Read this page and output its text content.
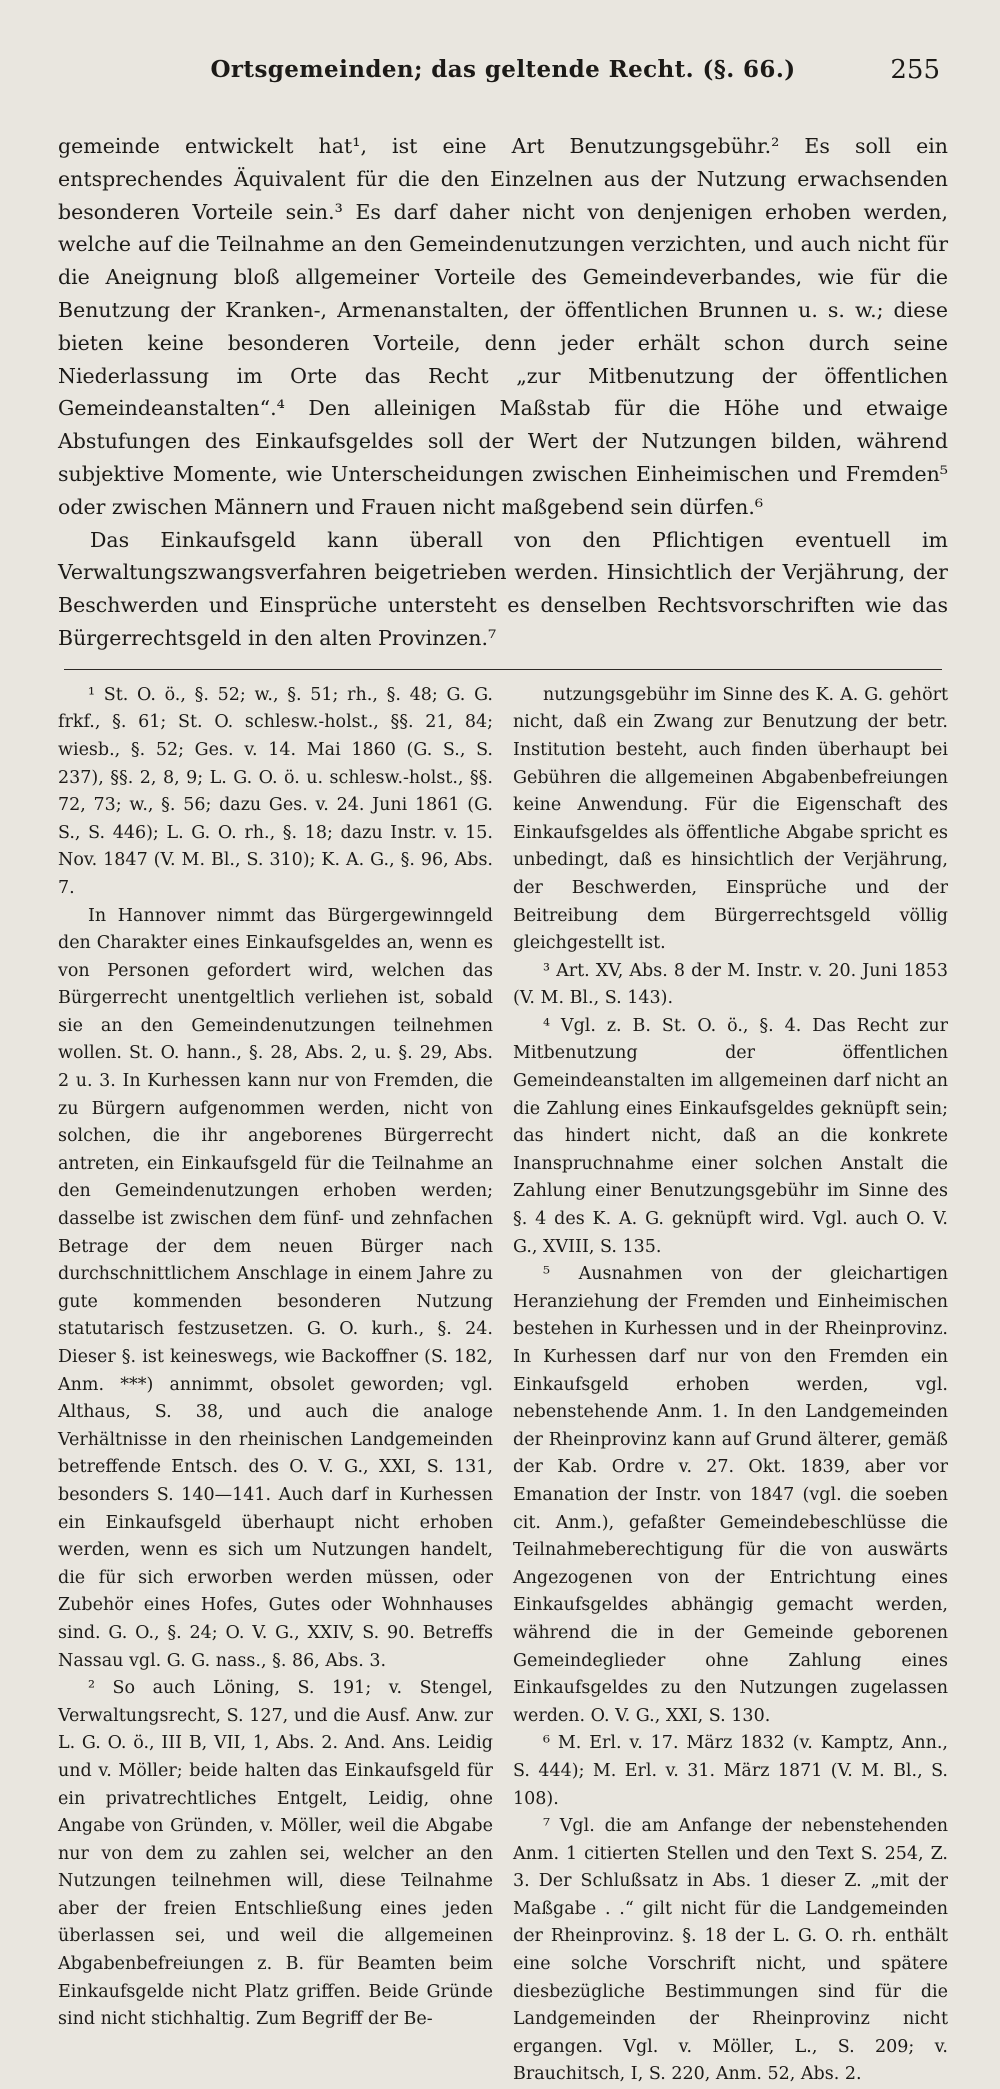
Ortsgemeinden; das geltende Recht. (§. 66.)	255

gemeinde entwickelt hat¹, ist eine Art Benutzungsgebühr.² Es soll ein entsprechendes Äquivalent für die den Einzelnen aus der Nutzung erwachsenden besonderen Vorteile sein.³ Es darf daher nicht von denjenigen erhoben werden, welche auf die Teilnahme an den Gemeindenutzungen verzichten, und auch nicht für die Aneignung bloß allgemeiner Vorteile des Gemeindeverbandes, wie für die Benutzung der Kranken-, Armenanstalten, der öffentlichen Brunnen u. s. w.; diese bieten keine besonderen Vorteile, denn jeder erhält schon durch seine Niederlassung im Orte das Recht „zur Mitbenutzung der öffentlichen Gemeindeanstalten“.⁴ Den alleinigen Maßstab für die Höhe und etwaige Abstufungen des Einkaufsgeldes soll der Wert der Nutzungen bilden, während subjektive Momente, wie Unterscheidungen zwischen Einheimischen und Fremden⁵ oder zwischen Männern und Frauen nicht maßgebend sein dürfen.⁶

Das Einkaufsgeld kann überall von den Pflichtigen eventuell im Verwaltungszwangsverfahren beigetrieben werden. Hinsichtlich der Verjährung, der Beschwerden und Einsprüche untersteht es denselben Rechtsvorschriften wie das Bürgerrechtsgeld in den alten Provinzen.⁷

¹ St. O. ö., §. 52; w., §. 51; rh., §. 48; G. G. frkf., §. 61; St. O. schlesw.-holst., §§. 21, 84; wiesb., §. 52; Ges. v. 14. Mai 1860 (G. S., S. 237), §§. 2, 8, 9; L. G. O. ö. u. schlesw.-holst., §§. 72, 73; w., §. 56; dazu Ges. v. 24. Juni 1861 (G. S., S. 446); L. G. O. rh., §. 18; dazu Instr. v. 15. Nov. 1847 (V. M. Bl., S. 310); K. A. G., §. 96, Abs. 7.

In Hannover nimmt das Bürgergewinngeld den Charakter eines Einkaufsgeldes an, wenn es von Personen gefordert wird, welchen das Bürgerrecht unentgeltlich verliehen ist, sobald sie an den Gemeindenutzungen teilnehmen wollen. St. O. hann., §. 28, Abs. 2, u. §. 29, Abs. 2 u. 3. In Kurhessen kann nur von Fremden, die zu Bürgern aufgenommen werden, nicht von solchen, die ihr angeborenes Bürgerrecht antreten, ein Einkaufsgeld für die Teilnahme an den Gemeindenutzungen erhoben werden; dasselbe ist zwischen dem fünf- und zehnfachen Betrage der dem neuen Bürger nach durchschnittlichem Anschlage in einem Jahre zu gute kommenden besonderen Nutzung statutarisch festzusetzen. G. O. kurh., §. 24. Dieser §. ist keineswegs, wie Backoffner (S. 182, Anm. ***) annimmt, obsolet geworden; vgl. Althaus, S. 38, und auch die analoge Verhältnisse in den rheinischen Landgemeinden betreffende Entsch. des O. V. G., XXI, S. 131, besonders S. 140—141. Auch darf in Kurhessen ein Einkaufsgeld überhaupt nicht erhoben werden, wenn es sich um Nutzungen handelt, die für sich erworben werden müssen, oder Zubehör eines Hofes, Gutes oder Wohnhauses sind. G. O., §. 24; O. V. G., XXIV, S. 90. Betreffs Nassau vgl. G. G. nass., §. 86, Abs. 3.

² So auch Löning, S. 191; v. Stengel, Verwaltungsrecht, S. 127, und die Ausf. Anw. zur L. G. O. ö., III B, VII, 1, Abs. 2. And. Ans. Leidig und v. Möller; beide halten das Einkaufsgeld für ein privatrechtliches Entgelt, Leidig, ohne Angabe von Gründen, v. Möller, weil die Abgabe nur von dem zu zahlen sei, welcher an den Nutzungen teilnehmen will, diese Teilnahme aber der freien Entschließung eines jeden überlassen sei, und weil die allgemeinen Abgabenbefreiungen z. B. für Beamten beim Einkaufsgelde nicht Platz griffen. Beide Gründe sind nicht stichhaltig. Zum Begriff der Be-

nutzungsgebühr im Sinne des K. A. G. gehört nicht, daß ein Zwang zur Benutzung der betr. Institution besteht, auch finden überhaupt bei Gebühren die allgemeinen Abgabenbefreiungen keine Anwendung. Für die Eigenschaft des Einkaufsgeldes als öffentliche Abgabe spricht es unbedingt, daß es hinsichtlich der Verjährung, der Beschwerden, Einsprüche und der Beitreibung dem Bürgerrechtsgeld völlig gleichgestellt ist.

³ Art. XV, Abs. 8 der M. Instr. v. 20. Juni 1853 (V. M. Bl., S. 143).

⁴ Vgl. z. B. St. O. ö., §. 4. Das Recht zur Mitbenutzung der öffentlichen Gemeindeanstalten im allgemeinen darf nicht an die Zahlung eines Einkaufsgeldes geknüpft sein; das hindert nicht, daß an die konkrete Inanspruchnahme einer solchen Anstalt die Zahlung einer Benutzungsgebühr im Sinne des §. 4 des K. A. G. geknüpft wird. Vgl. auch O. V. G., XVIII, S. 135.

⁵ Ausnahmen von der gleichartigen Heranziehung der Fremden und Einheimischen bestehen in Kurhessen und in der Rheinprovinz. In Kurhessen darf nur von den Fremden ein Einkaufsgeld erhoben werden, vgl. nebenstehende Anm. 1. In den Landgemeinden der Rheinprovinz kann auf Grund älterer, gemäß der Kab. Ordre v. 27. Okt. 1839, aber vor Emanation der Instr. von 1847 (vgl. die soeben cit. Anm.), gefaßter Gemeindebeschlüsse die Teilnahmeberechtigung für die von auswärts Angezogenen von der Entrichtung eines Einkaufsgeldes abhängig gemacht werden, während die in der Gemeinde geborenen Gemeindeglieder ohne Zahlung eines Einkaufsgeldes zu den Nutzungen zugelassen werden. O. V. G., XXI, S. 130.

⁶ M. Erl. v. 17. März 1832 (v. Kamptz, Ann., S. 444); M. Erl. v. 31. März 1871 (V. M. Bl., S. 108).

⁷ Vgl. die am Anfange der nebenstehenden Anm. 1 citierten Stellen und den Text S. 254, Z. 3. Der Schlußsatz in Abs. 1 dieser Z. „mit der Maßgabe . .“ gilt nicht für die Landgemeinden der Rheinprovinz. §. 18 der L. G. O. rh. enthält eine solche Vorschrift nicht, und spätere diesbezügliche Bestimmungen sind für die Landgemeinden der Rheinprovinz nicht ergangen. Vgl. v. Möller, L., S. 209; v. Brauchitsch, I, S. 220, Anm. 52, Abs. 2.
